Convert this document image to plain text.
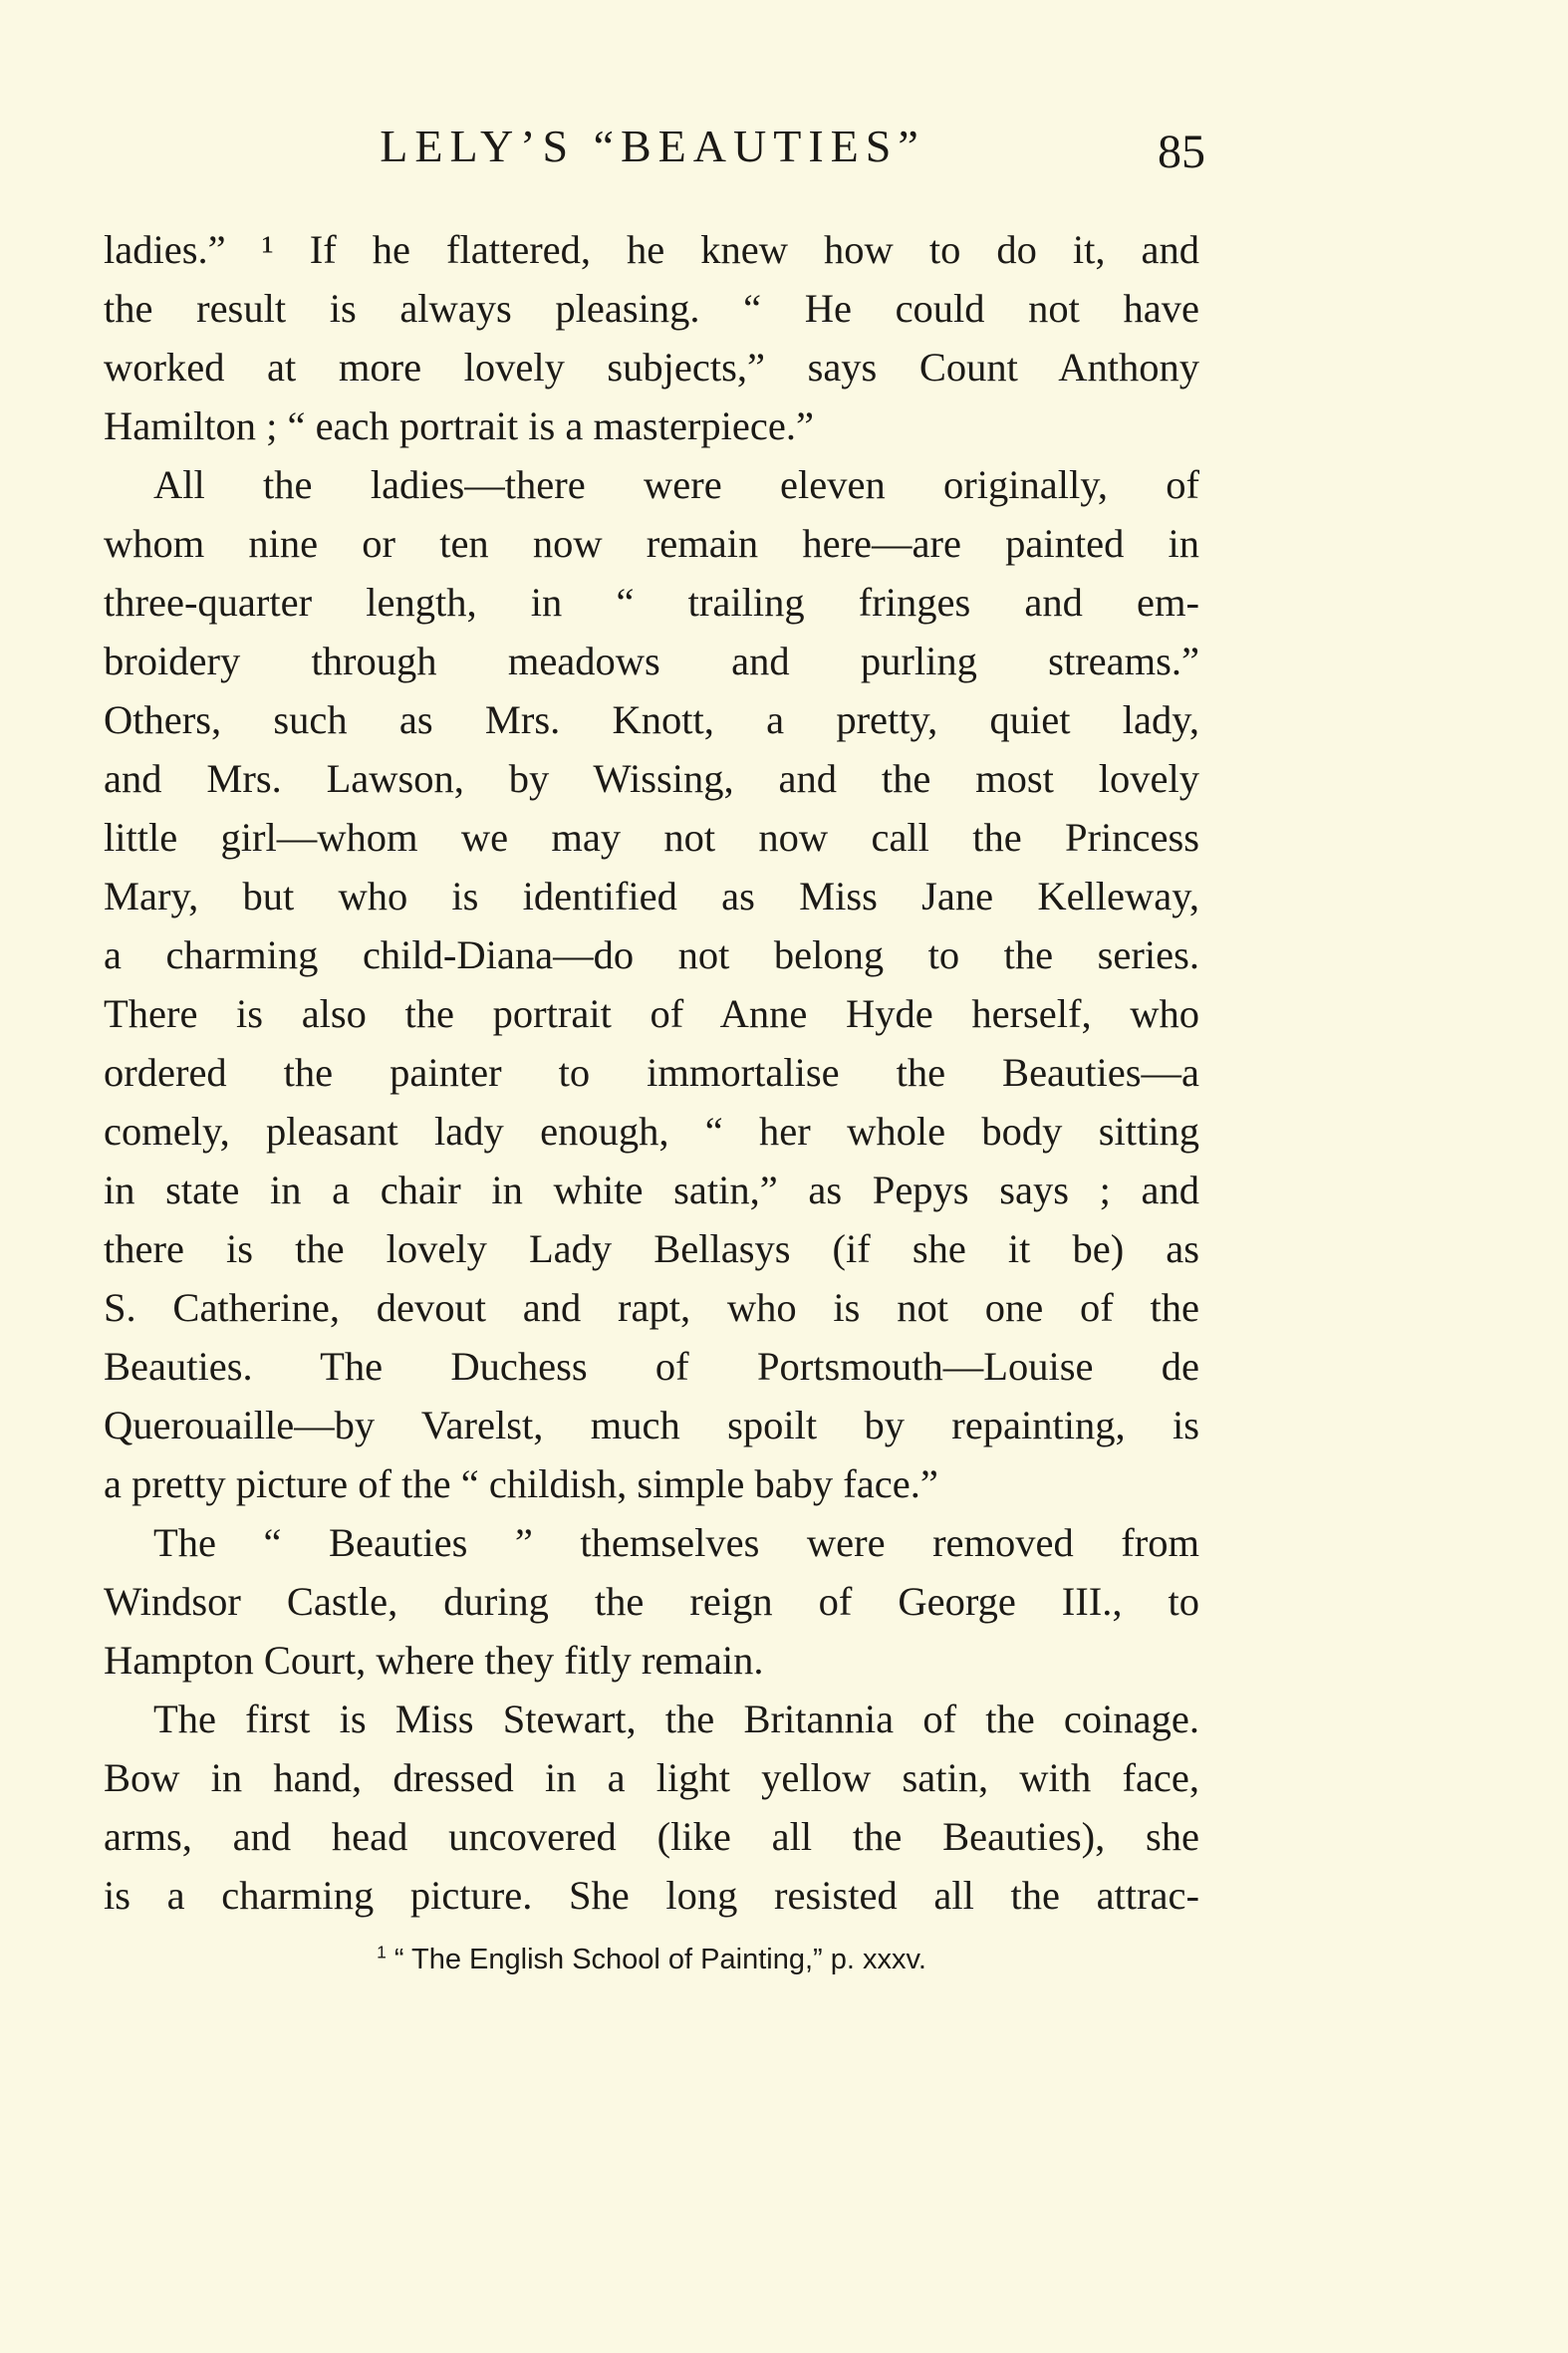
LELY’S “BEAUTIES”	85
ladies.” ¹ If he flattered, he knew how to do it, and
the result is always pleasing. “ He could not have
worked at more lovely subjects,” says Count Anthony
Hamilton ; “ each portrait is a masterpiece.”
All the ladies—there were eleven originally, of
whom nine or ten now remain here—are painted in
three-quarter length, in “ trailing fringes and em-
broidery through meadows and purling streams.”
Others, such as Mrs. Knott, a pretty, quiet lady,
and Mrs. Lawson, by Wissing, and the most lovely
little girl—whom we may not now call the Princess
Mary, but who is identified as Miss Jane Kelleway,
a charming child-Diana—do not belong to the series.
There is also the portrait of Anne Hyde herself, who
ordered the painter to immortalise the Beauties—a
comely, pleasant lady enough, “ her whole body sitting
in state in a chair in white satin,” as Pepys says ; and
there is the lovely Lady Bellasys (if she it be) as
S. Catherine, devout and rapt, who is not one of the
Beauties. The Duchess of Portsmouth—Louise de
Querouaille—by Varelst, much spoilt by repainting, is
a pretty picture of the “ childish, simple baby face.”
The “ Beauties ” themselves were removed from
Windsor Castle, during the reign of George III., to
Hampton Court, where they fitly remain.
The first is Miss Stewart, the Britannia of the coinage.
Bow in hand, dressed in a light yellow satin, with face,
arms, and head uncovered (like all the Beauties), she
is a charming picture. She long resisted all the attrac-
$^1$ “ The English School of Painting,” p. xxxv.
